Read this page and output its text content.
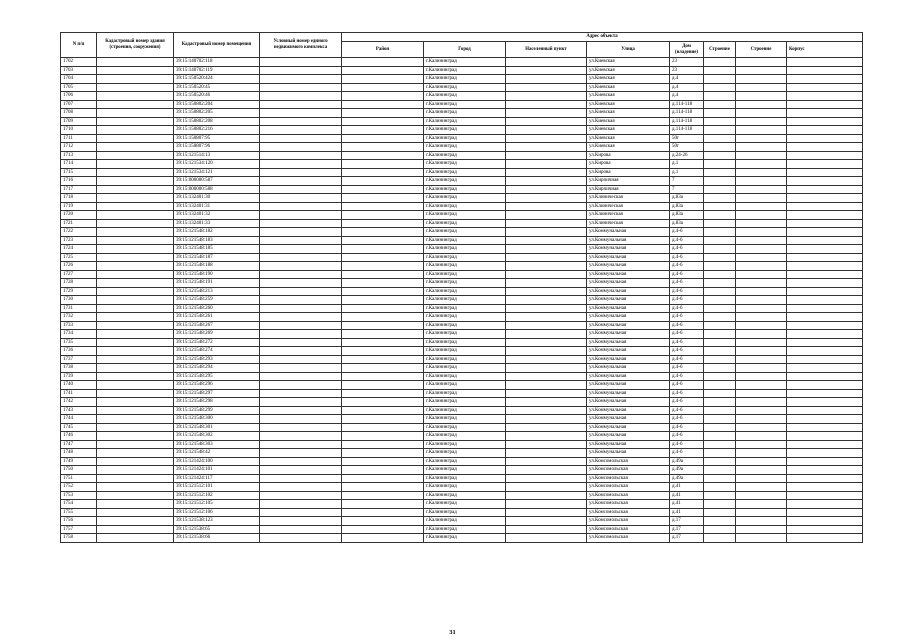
N п/п	Кадастровый номер здания (строения, сооружения)	Кадастровый номер помещения	Условный номер единого недвижимого комплекса	Адрес объекта							
				Район	Город	Населенный пункт	Улица	Дом (владение)	Строение	Строение	Корпус
1702		39:15:140702:118			г.Калининград		ул.Киевская	23			
1703		39:15:140702:119			г.Калининград		ул.Киевская	23			
1704		39:15:150520:424			г.Калининград		ул.Киевская	д.4			
1705		39:15:150520:45			г.Калининград		ул.Киевская	д.4			
1706		39:15:150520:46			г.Калининград		ул.Киевская	д.4			
1707		39:15:150802:204			г.Калининград		ул.Киевская	д.114-118			
1708		39:15:150802:205			г.Калининград		ул.Киевская	д.114-118			
1709		39:15:150802:208			г.Калининград		ул.Киевская	д.114-118			
1710		39:15:150802:216			г.Калининград		ул.Киевская	д.114-118			
1711		39:15:150807:95			г.Калининград		ул.Киевская	50г			
1712		39:15:150807:96			г.Калининград		ул.Киевская	50г			
1713		39:15:121514:13			г.Калининград		ул.Кирова	д.24-26			
1714		39:15:121534:120			г.Калининград		ул.Кирова	д.1			
1715		39:15:121534:121			г.Калининград		ул.Кирова	д.1			
1716		39:15:000000:587			г.Калининград		ул.Кирпичная	7			
1717		39:15:000000:588			г.Калининград		ул.Кирпичная	7			
1718		39:15:132401:30			г.Калининград		ул.Клиническая	д.83а			
1719		39:15:132401:31			г.Калининград		ул.Клиническая	д.83а			
1720		39:15:132401:32			г.Калининград		ул.Клиническая	д.83а			
1721		39:15:132401:33			г.Калининград		ул.Клиническая	д.83а			
1722		39:15:121548:182			г.Калининград		ул.Коммунальная	д.4-6			
1723		39:15:121548:183			г.Калининград		ул.Коммунальная	д.4-6			
1724		39:15:121548:185			г.Калининград		ул.Коммунальная	д.4-6			
1725		39:15:121548:187			г.Калининград		ул.Коммунальная	д.4-6			
1726		39:15:121548:188			г.Калининград		ул.Коммунальная	д.4-6			
1727		39:15:121548:190			г.Калининград		ул.Коммунальная	д.4-6			
1728		39:15:121548:191			г.Калининград		ул.Коммунальная	д.4-6			
1729		39:15:121548:213			г.Калининград		ул.Коммунальная	д.4-6			
1730		39:15:121548:259			г.Калининград		ул.Коммунальная	д.4-6			
1731		39:15:121548:260			г.Калининград		ул.Коммунальная	д.4-6			
1732		39:15:121548:261			г.Калининград		ул.Коммунальная	д.4-6			
1733		39:15:121548:267			г.Калининград		ул.Коммунальная	д.4-6			
1734		39:15:121548:269			г.Калининград		ул.Коммунальная	д.4-6			
1735		39:15:121548:272			г.Калининград		ул.Коммунальная	д.4-6			
1736		39:15:121548:274			г.Калининград		ул.Коммунальная	д.4-6			
1737		39:15:121548:293			г.Калининград		ул.Коммунальная	д.4-6			
1738		39:15:121548:294			г.Калининград		ул.Коммунальная	д.4-6			
1739		39:15:121548:295			г.Калининград		ул.Коммунальная	д.4-6			
1740		39:15:121548:296			г.Калининград		ул.Коммунальная	д.4-6			
1741		39:15:121548:297			г.Калининград		ул.Коммунальная	д.4-6			
1742		39:15:121548:298			г.Калининград		ул.Коммунальная	д.4-6			
1743		39:15:121548:299			г.Калининград		ул.Коммунальная	д.4-6			
1744		39:15:121548:300			г.Калининград		ул.Коммунальная	д.4-6			
1745		39:15:121548:301			г.Калининград		ул.Коммунальная	д.4-6			
1746		39:15:121548:302			г.Калининград		ул.Коммунальная	д.4-6			
1747		39:15:121548:303			г.Калининград		ул.Коммунальная	д.4-6			
1748		39:15:121548:42			г.Калининград		ул.Коммунальная	д.4-6			
1749		39:15:121424:100			г.Калининград		ул.Комсомольская	д.49а			
1750		39:15:121424:101			г.Калининград		ул.Комсомольская	д.49а			
1751		39:15:121424:117			г.Калининград		ул.Комсомольская	д.49а			
1752		39:15:121512:101			г.Калининград		ул.Комсомольская	д.41			
1753		39:15:121512:102			г.Калининград		ул.Комсомольская	д.41			
1754		39:15:121512:105			г.Калининград		ул.Комсомольская	д.41			
1755		39:15:121512:106			г.Калининград		ул.Комсомольская	д.41			
1756		39:15:121538:123			г.Калининград		ул.Комсомольская	д.17			
1757		39:15:121538:65			г.Калининград		ул.Комсомольская	д.17			
1758		39:15:121538:66			г.Калининград		ул.Комсомольская	д.17			
31
